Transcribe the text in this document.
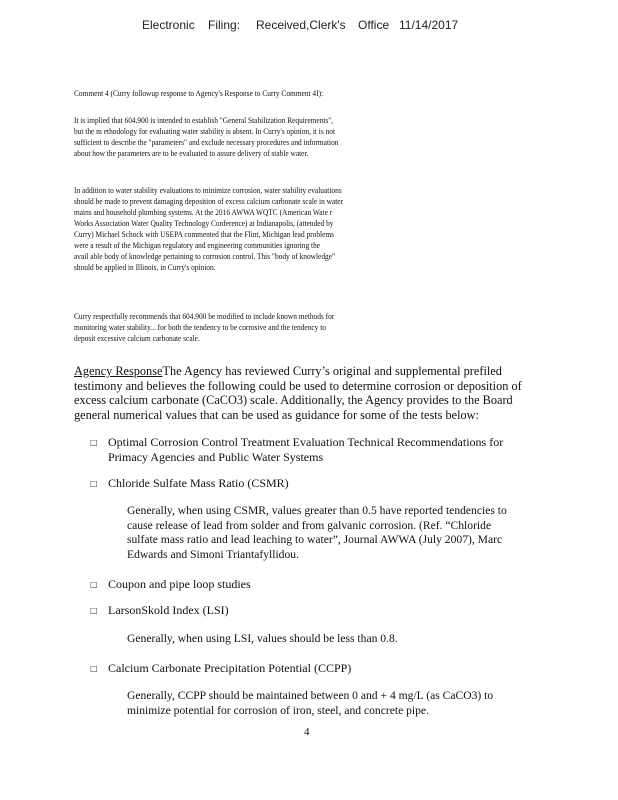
Electronic Filing: Received,Clerk's Office 11/14/2017
Comment 4 (Curry followup response to Agency's Response to Curry Comment 4I):
It is implied that 604.900 is intended to establish "General Stabilization Requirements",
but the m ethodology for evaluating water stability is absent. In Curry's opinion, it is not
sufficient to describe the "parameters" and exclude necessary procedures and information
about how the parameters are to be evaluated to assure delivery of stable water.
In addition to water stability evaluations to minimize corrosion, water stability evaluations
should be made to prevent damaging deposition of excess calcium carbonate scale in water
mains and household plumbing systems. At the 2016 AWWA WQTC (American Wate r
Works Association Water Quality Technology Conference) at Indianapolis, (attended by
Curry) Michael Schock with USEPA commented that the Flint, Michigan lead problems
were a result of the Michigan regulatory and engineering communities ignoring the
avail able body of knowledge pertaining to corrosion control. This "body of knowledge"
should be applied in Illinois, in Curry's opinion.
Curry respectfully recommends that 604.900 be modified to include known methods for
monitoring water stability... for both the tendency to be corrosive and the tendency to
deposit excessive calcium carbonate scale.
Agency ResponseThe Agency has reviewed Curry’s original and supplemental prefiled
testimony and believes the following could be used to determine corrosion or deposition of
excess calcium carbonate (CaCO3) scale. Additionally, the Agency provides to the Board
general numerical values that can be used as guidance for some of the tests below:
□ Optimal Corrosion Control Treatment Evaluation Technical Recommendations for
Primacy Agencies and Public Water Systems
□ Chloride Sulfate Mass Ratio (CSMR)
Generally, when using CSMR, values greater than 0.5 have reported tendencies to
cause release of lead from solder and from galvanic corrosion. (Ref. “Chloride
sulfate mass ratio and lead leaching to water”, Journal AWWA (July 2007), Marc
Edwards and Simoni Triantafyllidou.
□ Coupon and pipe loop studies
□ LarsonSkold Index (LSI)
Generally, when using LSI, values should be less than 0.8.
□ Calcium Carbonate Precipitation Potential (CCPP)
Generally, CCPP should be maintained between 0 and + 4 mg/L (as CaCO3) to
minimize potential for corrosion of iron, steel, and concrete pipe.
4
